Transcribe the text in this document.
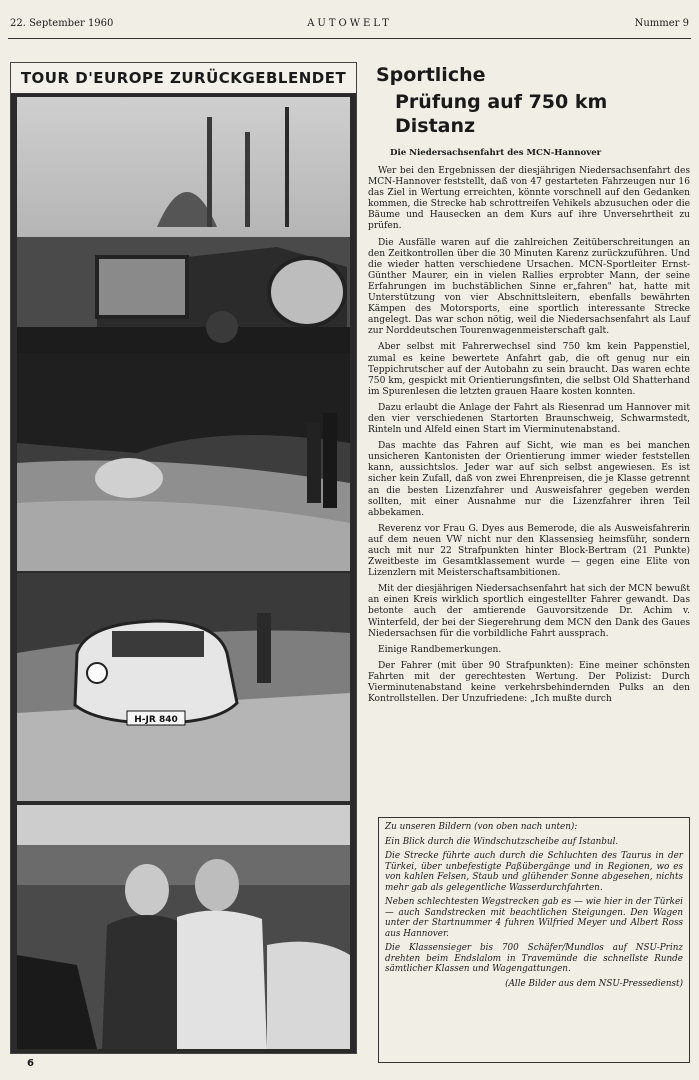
22. September 1960	AUTOWELT	Nummer 9
TOUR D'EUROPE ZURÜCKGEBLENDET
H-JR 840
Sportliche
Prüfung auf 750 km Distanz
Die Niedersachsenfahrt des MCN-Hannover

Wer bei den Ergebnissen der diesjährigen Niedersachsenfahrt des MCN-Hannover feststellt, daß von 47 gestarteten Fahrzeugen nur 16 das Ziel in Wertung erreichten, könnte vorschnell auf den Gedanken kommen, die Strecke hab schrottreifen Vehikels abzusuchen oder die Bäume und Hausecken an dem Kurs auf ihre Unversehrtheit zu prüfen.

Die Ausfälle waren auf die zahlreichen Zeitüberschreitungen an den Zeitkontrollen über die 30 Minuten Karenz zurückzuführen. Und die wieder hatten verschiedene Ursachen. MCN-Sportleiter Ernst-Günther Maurer, ein in vielen Rallies erprobter Mann, der seine Erfahrungen im buchstäblichen Sinne er„fahren" hat, hatte mit Unterstützung von vier Abschnittsleitern, ebenfalls bewährten Kämpen des Motorsports, eine sportlich interessante Strecke angelegt. Das war schon nötig, weil die Niedersachsenfahrt als Lauf zur Norddeutschen Tourenwagenmeisterschaft galt.

Aber selbst mit Fahrerwechsel sind 750 km kein Pappenstiel, zumal es keine bewertete Anfahrt gab, die oft genug nur ein Teppichrutscher auf der Autobahn zu sein braucht. Das waren echte 750 km, gespickt mit Orientierungsfinten, die selbst Old Shatterhand im Spurenlesen die letzten grauen Haare kosten konnten.

Dazu erlaubt die Anlage der Fahrt als Riesenrad um Hannover mit den vier verschiedenen Startorten Braunschweig, Schwarmstedt, Rinteln und Alfeld einen Start im Vierminutenabstand.

Das machte das Fahren auf Sicht, wie man es bei manchen unsicheren Kantonisten der Orientierung immer wieder feststellen kann, aussichtslos. Jeder war auf sich selbst angewiesen. Es ist sicher kein Zufall, daß von zwei Ehrenpreisen, die je Klasse getrennt an die besten Lizenzfahrer und Ausweisfahrer gegeben werden sollten, mit einer Ausnahme nur die Lizenzfahrer ihren Teil abbekamen.

Reverenz vor Frau G. Dyes aus Bemerode, die als Ausweisfahrerin auf dem neuen VW nicht nur den Klassensieg heimsführ, sondern auch mit nur 22 Strafpunkten hinter Block-Bertram (21 Punkte) Zweitbeste im Gesamtklassement wurde — gegen eine Elite von Lizenzlern mit Meisterschaftsambitionen.

Mit der diesjährigen Niedersachsenfahrt hat sich der MCN bewußt an einen Kreis wirklich sportlich eingestellter Fahrer gewandt. Das betonte auch der amtierende Gauvorsitzende Dr. Achim v. Winterfeld, der bei der Siegerehrung dem MCN den Dank des Gaues Niedersachsen für die vorbildliche Fahrt aussprach.

Einige Randbemerkungen.

Der Fahrer (mit über 90 Strafpunkten): Eine meiner schönsten Fahrten mit der gerechtesten Wertung. Der Polizist: Durch Vierminutenabstand keine verkehrsbehindernden Pulks an den Kontrollstellen. Der Unzufriedene: „Ich mußte durch

Zu unseren Bildern (von oben nach unten):

Ein Blick durch die Windschutzscheibe auf Istanbul.

Die Strecke führte auch durch die Schluchten des Taurus in der Türkei, über unbefestigte Paßübergänge und in Regionen, wo es von kahlen Felsen, Staub und glühender Sonne abgesehen, nichts mehr gab als gelegentliche Wasserdurchfahrten.

Neben schlechtesten Wegstrecken gab es — wie hier in der Türkei — auch Sandstrecken mit beachtlichen Steigungen. Den Wagen unter der Startnummer 4 fuhren Wilfried Meyer und Albert Ross aus Hannover.

Die Klassensieger bis 700 Schäfer/Mundlos auf NSU-Prinz drehten beim Endslalom in Travemünde die schnellste Runde sämtlicher Klassen und Wagengattungen.

(Alle Bilder aus dem NSU-Pressedienst)

6
